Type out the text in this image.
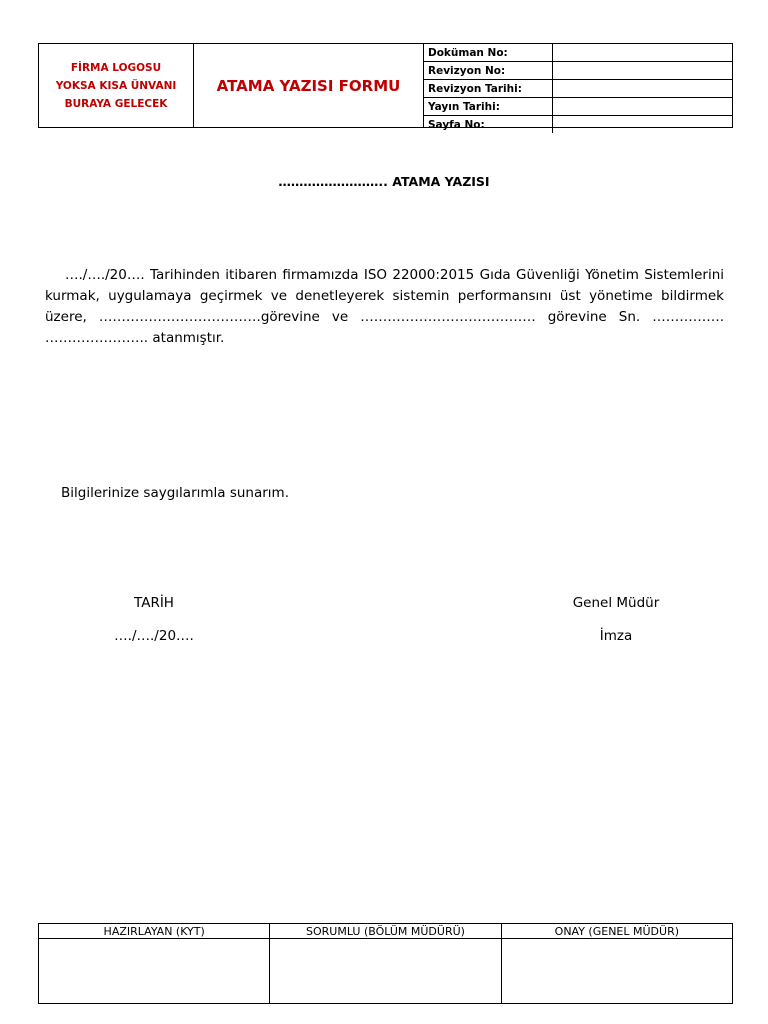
FİRMA LOGOSU
YOKSA KISA ÜNVANI
BURAYA GELECEK
ATAMA YAZISI FORMU
Doküman No:	
Revizyon No:	
Revizyon Tarihi:	
Yayın Tarihi:	
Sayfa No:	
…………………….. ATAMA YAZISI
…./…./20…. Tarihinden itibaren firmamızda ISO 22000:2015 Gıda Güvenliği Yönetim Sistemlerini kurmak, uygulamaya geçirmek ve denetleyerek sistemin performansını üst yönetime bildirmek üzere, ………………………………görevine ve ………………………………… görevine Sn. ……………. ………………….. atanmıştır.
Bilgilerinize saygılarımla sunarım.
TARİH
…./…./20….
Genel Müdür
İmza
HAZIRLAYAN (KYT)	SORUMLU (BÖLÜM MÜDÜRÜ)	ONAY (GENEL MÜDÜR)
